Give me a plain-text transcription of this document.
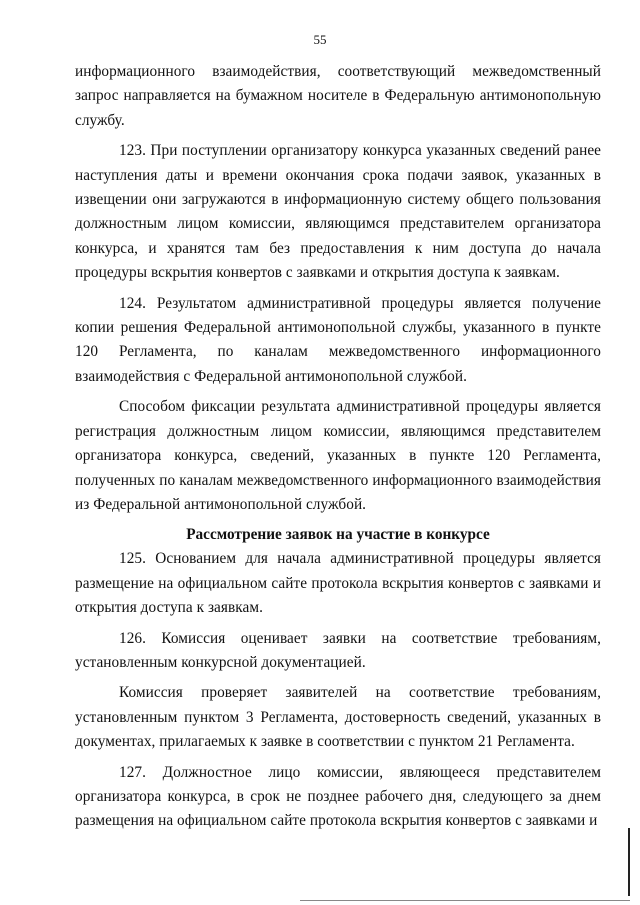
55

информационного взаимодействия, соответствующий межведомственный запрос направляется на бумажном носителе в Федеральную антимонопольную службу.

123. При поступлении организатору конкурса указанных сведений ранее наступления даты и времени окончания срока подачи заявок, указанных в извещении они загружаются в информационную систему общего пользования должностным лицом комиссии, являющимся представителем организатора конкурса, и хранятся там без предоставления к ним доступа до начала процедуры вскрытия конвертов с заявками и открытия доступа к заявкам.

124. Результатом административной процедуры является получение копии решения Федеральной антимонопольной службы, указанного в пункте 120 Регламента, по каналам межведомственного информационного взаимодействия с Федеральной антимонопольной службой.

Способом фиксации результата административной процедуры является регистрация должностным лицом комиссии, являющимся представителем организатора конкурса, сведений, указанных в пункте 120 Регламента, полученных по каналам межведомственного информационного взаимодействия из Федеральной антимонопольной службой.

Рассмотрение заявок на участие в конкурсе

125. Основанием для начала административной процедуры является размещение на официальном сайте протокола вскрытия конвертов с заявками и открытия доступа к заявкам.

126. Комиссия оценивает заявки на соответствие требованиям, установленным конкурсной документацией.

Комиссия проверяет заявителей на соответствие требованиям, установленным пунктом 3 Регламента, достоверность сведений, указанных в документах, прилагаемых к заявке в соответствии с пунктом 21 Регламента.

127. Должностное лицо комиссии, являющееся представителем организатора конкурса, в срок не позднее рабочего дня, следующего за днем размещения на официальном сайте протокола вскрытия конвертов с заявками и
